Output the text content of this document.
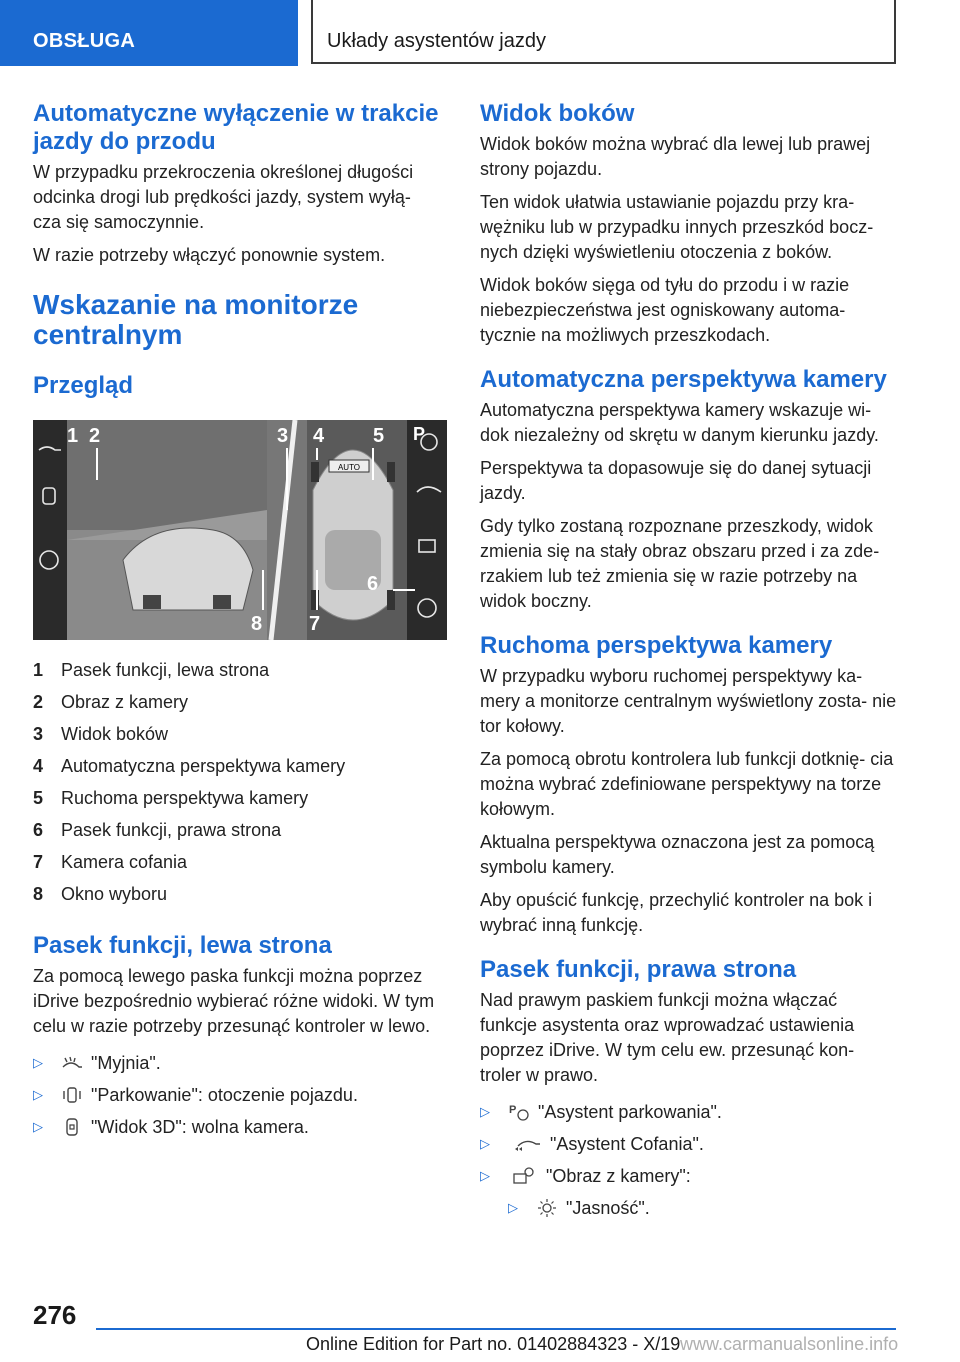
OBSŁUGA	Układy asystentów jazdy
Automatyczne wyłączenie w trakcie jazdy do przodu

W przypadku przekroczenia określonej długości odcinka drogi lub prędkości jazdy, system wyłą- cza się samoczynnie.

W razie potrzeby włączyć ponownie system.

Wskazanie na monitorze centralnym
Przegląd
AUTO
P
1 2	3 4 5
6
7
8
1 Pasek funkcji, lewa strona
2 Obraz z kamery
3 Widok boków
4 Automatyczna perspektywa kamery
5 Ruchoma perspektywa kamery
6 Pasek funkcji, prawa strona
7 Kamera cofania
8 Okno wyboru
Pasek funkcji, lewa strona

Za pomocą lewego paska funkcji można poprzez iDrive bezpośrednio wybierać różne widoki. W tym celu w razie potrzeby przesunąć kontroler w lewo.

▷	"Myjnia".
▷	"Parkowanie": otoczenie pojazdu.
▷	"Widok 3D": wolna kamera.
Widok boków

Widok boków można wybrać dla lewej lub prawej strony pojazdu.

Ten widok ułatwia ustawianie pojazdu przy kra- wężniku lub w przypadku innych przeszkód bocz- nych dzięki wyświetleniu otoczenia z boków.

Widok boków sięga od tyłu do przodu i w razie niebezpieczeństwa jest ogniskowany automa- tycznie na możliwych przeszkodach.

Automatyczna perspektywa kamery

Automatyczna perspektywa kamery wskazuje wi- dok niezależny od skrętu w danym kierunku jazdy.

Perspektywa ta dopasowuje się do danej sytuacji jazdy.

Gdy tylko zostaną rozpoznane przeszkody, widok zmienia się na stały obraz obszaru przed i za zde- rzakiem lub też zmienia się w razie potrzeby na widok boczny.

Ruchoma perspektywa kamery

W przypadku wyboru ruchomej perspektywy ka- mery a monitorze centralnym wyświetlony zosta- nie tor kołowy.

Za pomocą obrotu kontrolera lub funkcji dotknię- cia można wybrać zdefiniowane perspektywy na torze kołowym.

Aktualna perspektywa oznaczona jest za pomocą symbolu kamery.

Aby opuścić funkcję, przechylić kontroler na bok i wybrać inną funkcję.

Pasek funkcji, prawa strona

Nad prawym paskiem funkcji można włączać funkcje asystenta oraz wprowadzać ustawienia poprzez iDrive. W tym celu ew. przesunąć kon- troler w prawo.

▷	P "Asystent parkowania".
▷	"Asystent Cofania".
▷	"Obraz z kamery":
▷	"Jasność".
276
Online Edition for Part no. 01402884323 - X/19 www.carmanualsonline.info
